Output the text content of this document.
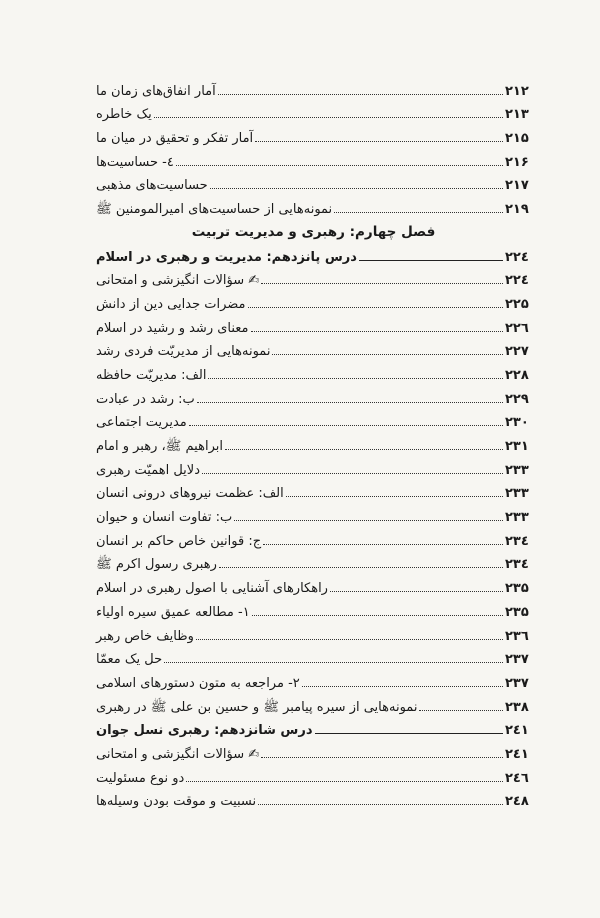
آمار انفاق‌های زمان ما	۲۱۲
یک خاطره	۲۱۳
آمار تفکر و تحقیق در میان ما	۲۱۵
٤- حساسیت‌ها	۲۱۶
حساسیت‌های مذهبی	۲۱۷
نمونه‌هایی از حساسیت‌های امیرالمومنین ﷺ	۲۱۹
فصل چهارم: رهبری و مدیریت تربیت
درس پانزدهم: مدیریت و رهبری در اسلام	۲۲٤
✍ سؤالات انگیزشی و امتحانی	۲۲٤
مضرات جدایی دین از دانش	۲۲۵
معنای رشد و رشید در اسلام	۲۲٦
نمونه‌هایی از مدیریّت فردی رشد	۲۲۷
الف: مدیریّت حافظه	۲۲۸
ب: رشد در عبادت	۲۲۹
مدیریت اجتماعی	۲۳۰
ابراهیم ﷺ، رهبر و امام	۲۳۱
دلایل اهمیّت رهبری	۲۳۳
الف: عظمت نیروهای درونی انسان	۲۳۳
ب: تفاوت انسان و حیوان	۲۳۳
ج: قوانین خاص حاکم بر انسان	۲۳٤
رهبری رسول اکرم ﷺ	۲۳٤
راهکارهای آشنایی با اصول رهبری در اسلام	۲۳۵
۱- مطالعه عمیق سیره اولیاء	۲۳۵
وظایف خاص رهبر	۲۳٦
حل یک معمّا	۲۳۷
۲- مراجعه به متون دستورهای اسلامی	۲۳۷
نمونه‌هایی از سیره پیامبر ﷺ و حسین بن علی ﷺ در رهبری	۲۳۸
درس شانزدهم: رهبری نسل جوان	۲٤۱
✍ سؤالات انگیزشی و امتحانی	۲٤۱
دو نوع مسئولیت	۲٤٦
نسبیت و موقت بودن وسیله‌ها	۲٤۸
